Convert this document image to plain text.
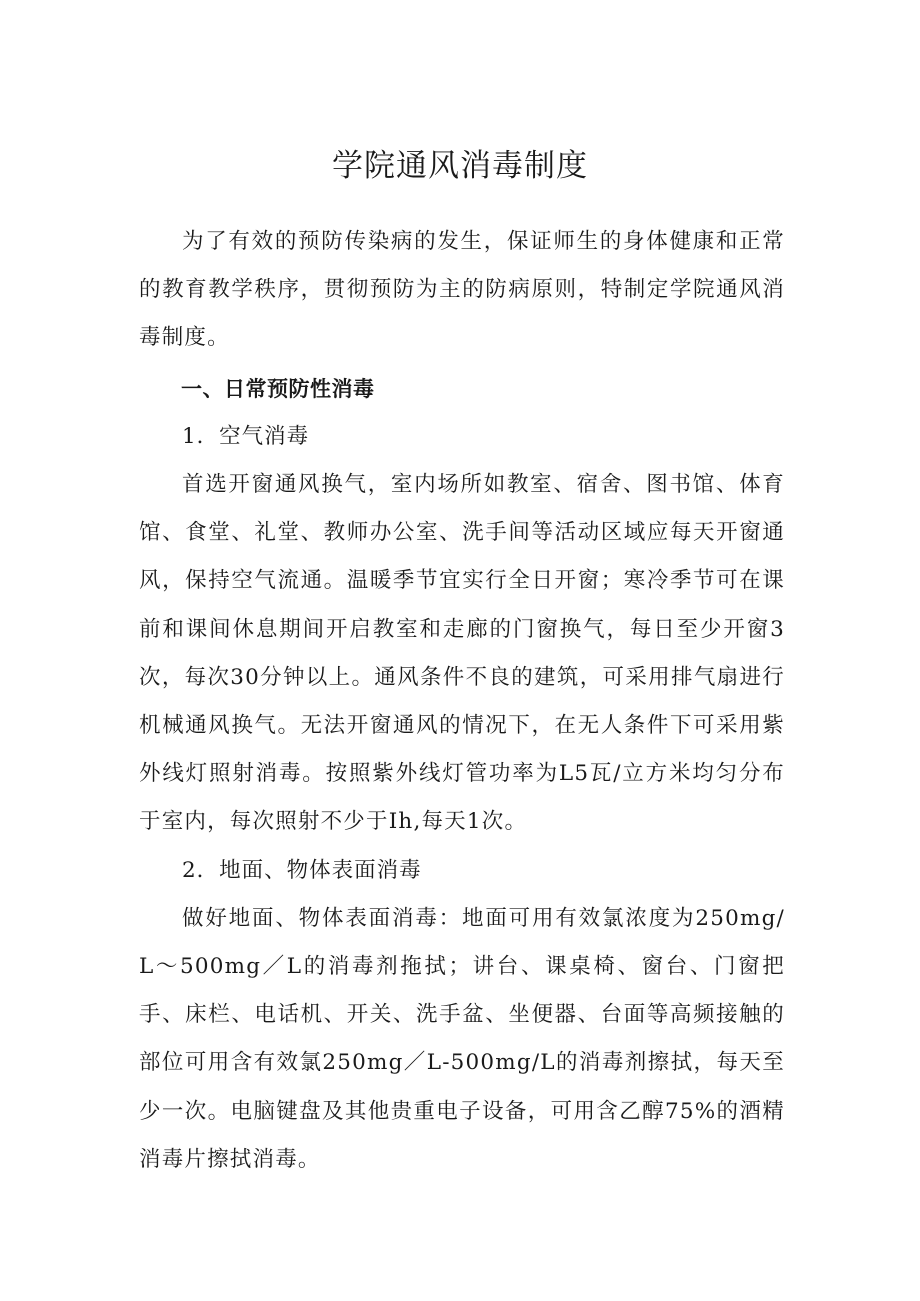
学院通风消毒制度

为了有效的预防传染病的发生，保证师生的身体健康和正常的教育教学秩序，贯彻预防为主的防病原则，特制定学院通风消毒制度。

一、日常预防性消毒

1．空气消毒

首选开窗通风换气，室内场所如教室、宿舍、图书馆、体育馆、食堂、礼堂、教师办公室、洗手间等活动区域应每天开窗通风，保持空气流通。温暖季节宜实行全日开窗；寒冷季节可在课前和课间休息期间开启教室和走廊的门窗换气，每日至少开窗3次，每次30分钟以上。通风条件不良的建筑，可采用排气扇进行机械通风换气。无法开窗通风的情况下，在无人条件下可采用紫外线灯照射消毒。按照紫外线灯管功率为L5瓦/立方米均匀分布于室内，每次照射不少于Ih,每天1次。

2．地面、物体表面消毒

做好地面、物体表面消毒：地面可用有效氯浓度为250mg/L～500mg／L的消毒剂拖拭；讲台、课桌椅、窗台、门窗把手、床栏、电话机、开关、洗手盆、坐便器、台面等高频接触的部位可用含有效氯250mg／L-500mg/L的消毒剂擦拭，每天至少一次。电脑键盘及其他贵重电子设备，可用含乙醇75%的酒精消毒片擦拭消毒。
